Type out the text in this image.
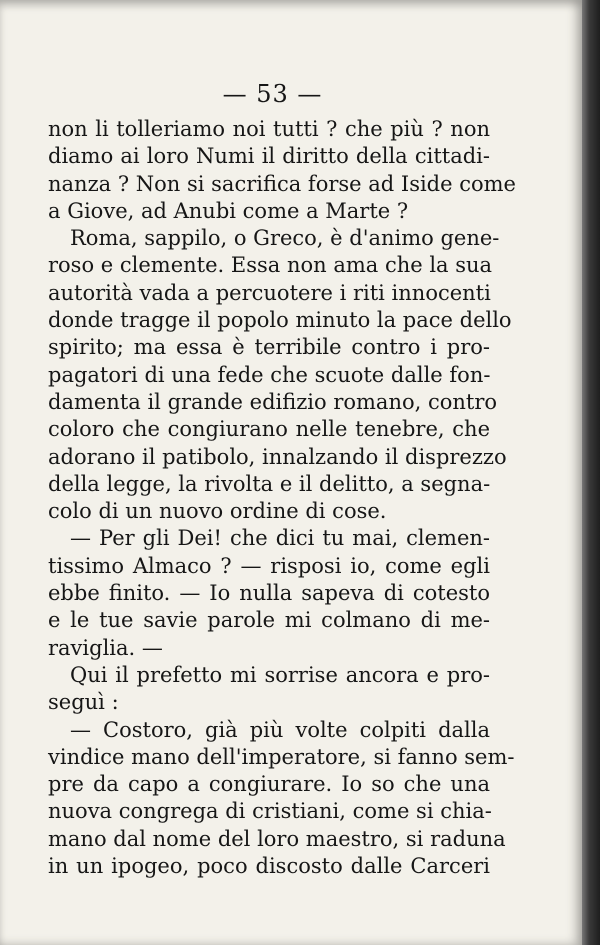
— 53 —
non li tolleriamo noi tutti ? che più ? non
diamo ai loro Numi il diritto della cittadi-
nanza ? Non si sacrifica forse ad Iside come
a Giove, ad Anubi come a Marte ?
Roma, sappilo, o Greco, è d'animo gene-
roso e clemente. Essa non ama che la sua
autorità vada a percuotere i riti innocenti
donde tragge il popolo minuto la pace dello
spirito; ma essa è terribile contro i pro-
pagatori di una fede che scuote dalle fon-
damenta il grande edifizio romano, contro
coloro che congiurano nelle tenebre, che
adorano il patibolo, innalzando il disprezzo
della legge, la rivolta e il delitto, a segna-
colo di un nuovo ordine di cose.
— Per gli Dei! che dici tu mai, clemen-
tissimo Almaco ? — risposi io, come egli
ebbe finito. — Io nulla sapeva di cotesto
e le tue savie parole mi colmano di me-
raviglia. —
Qui il prefetto mi sorrise ancora e pro-
seguì :
— Costoro, già più volte colpiti dalla
vindice mano dell'imperatore, si fanno sem-
pre da capo a congiurare. Io so che una
nuova congrega di cristiani, come si chia-
mano dal nome del loro maestro, si raduna
in un ipogeo, poco discosto dalle Carceri
